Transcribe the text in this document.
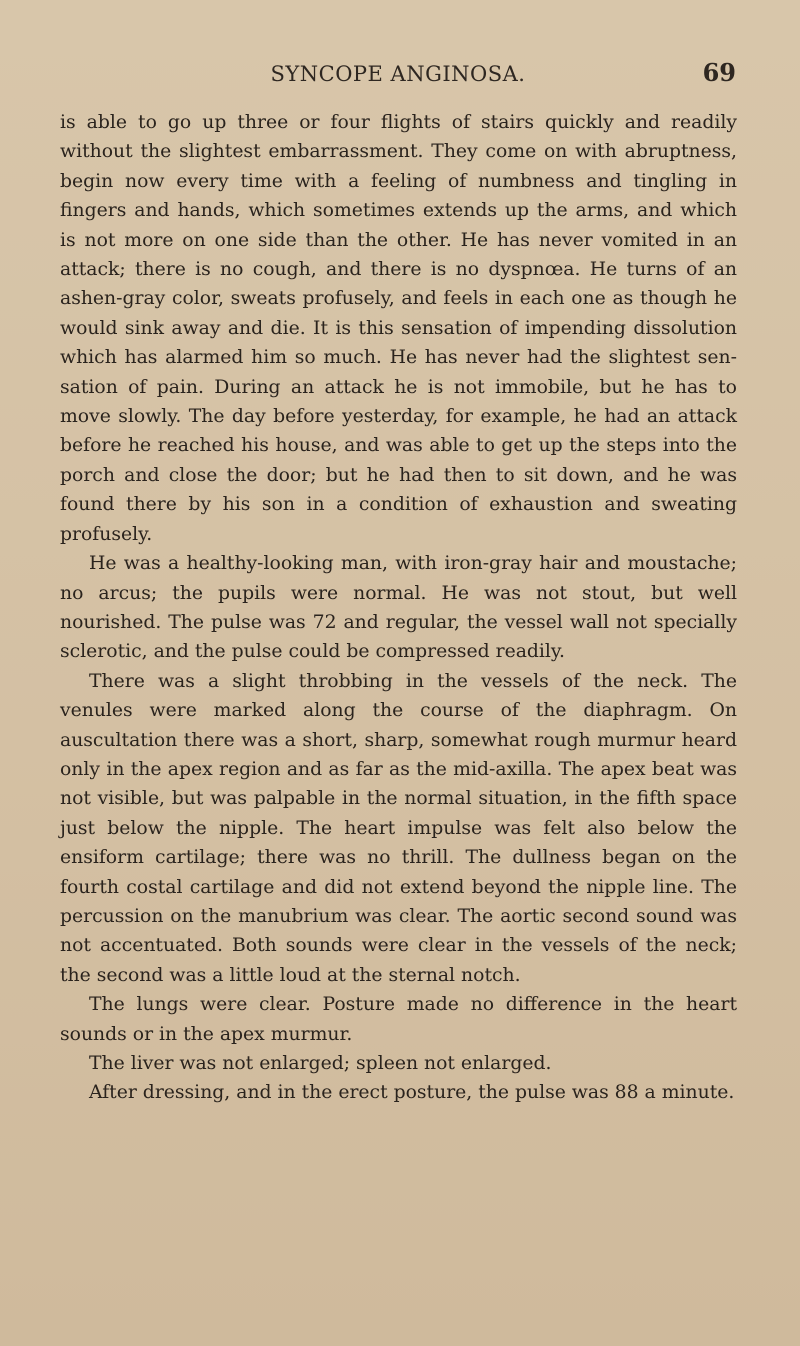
SYNCOPE ANGINOSA.	69

is able to go up three or four flights of stairs quickly and readily without the slightest embarrassment. They come on with abruptness, begin now every time with a feeling of numbness and tingling in fingers and hands, which sometimes extends up the arms, and which is not more on one side than the other. He has never vomited in an attack; there is no cough, and there is no dyspnœa. He turns of an ashen-gray color, sweats profusely, and feels in each one as though he would sink away and die. It is this sensation of impending dissolution which has alarmed him so much. He has never had the slightest sensation of pain. During an attack he is not immobile, but he has to move slowly. The day before yesterday, for example, he had an attack before he reached his house, and was able to get up the steps into the porch and close the door; but he had then to sit down, and he was found there by his son in a condition of exhaustion and sweating profusely.

He was a healthy-looking man, with iron-gray hair and moustache; no arcus; the pupils were normal. He was not stout, but well nourished. The pulse was 72 and regular, the vessel wall not specially sclerotic, and the pulse could be compressed readily.

There was a slight throbbing in the vessels of the neck. The venules were marked along the course of the diaphragm. On auscultation there was a short, sharp, somewhat rough murmur heard only in the apex region and as far as the mid-axilla. The apex beat was not visible, but was palpable in the normal situation, in the fifth space just below the nipple. The heart impulse was felt also below the ensiform cartilage; there was no thrill. The dullness began on the fourth costal cartilage and did not extend beyond the nipple line. The percussion on the manubrium was clear. The aortic second sound was not accentuated. Both sounds were clear in the vessels of the neck; the second was a little loud at the sternal notch.

The lungs were clear. Posture made no difference in the heart sounds or in the apex murmur.

The liver was not enlarged; spleen not enlarged.

After dressing, and in the erect posture, the pulse was 88 a minute.
